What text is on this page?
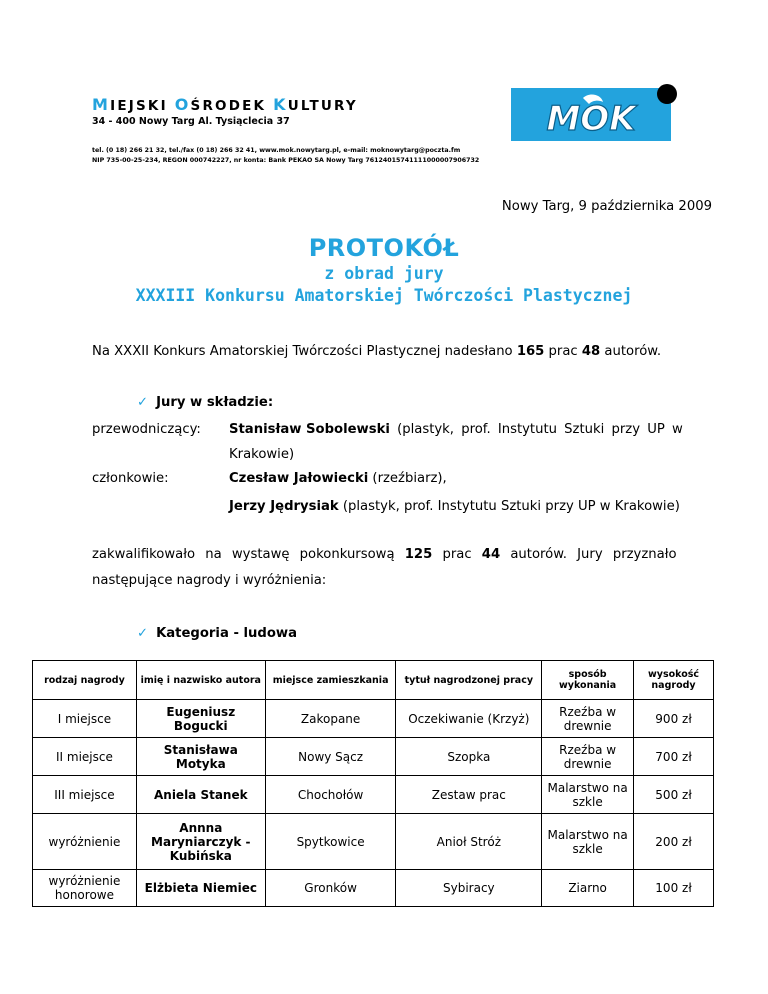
MIEJSKI OŚRODEK KULTURY
34 - 400 Nowy Targ Al. Tysiąclecia 37
tel. (0 18) 266 21 32, tel./fax (0 18) 266 32 41, www.mok.nowytarg.pl, e-mail: moknowytarg@poczta.fm
NIP 735-00-25-234, REGON 000742227, nr konta: Bank PEKAO SA Nowy Targ 76124015741111000007906732
MOK
Nowy Targ, 9 października 2009
PROTOKÓŁ
z obrad jury
XXXIII Konkursu Amatorskiej Twórczości Plastycznej
Na XXXII Konkurs Amatorskiej Twórczości Plastycznej nadesłano 165 prac 48 autorów.
✓ Jury w składzie:
przewodniczący: Stanisław Sobolewski (plastyk, prof. Instytutu Sztuki przy UP w
Krakowie)
członkowie:	Czesław Jałowiecki (rzeźbiarz),
Jerzy Jędrysiak (plastyk, prof. Instytutu Sztuki przy UP w Krakowie)
zakwalifikowało na wystawę pokonkursową 125 prac 44 autorów. Jury przyznało
następujące nagrody i wyróżnienia:
✓ Kategoria - ludowa
rodzaj nagrody	imię i nazwisko autora	miejsce zamieszkania	tytuł nagrodzonej pracy	sposób wykonania	wysokość nagrody
I miejsce	Eugeniusz Bogucki	Zakopane	Oczekiwanie (Krzyż)	Rzeźba w drewnie	900 zł
II miejsce	Stanisława Motyka	Nowy Sącz	Szopka	Rzeźba w drewnie	700 zł
III miejsce	Aniela Stanek	Chochołów	Zestaw prac	Malarstwo na szkle	500 zł
wyróżnienie	Annna Maryniarczyk - Kubińska	Spytkowice	Anioł Stróż	Malarstwo na szkle	200 zł
wyróżnienie honorowe	Elżbieta Niemiec	Gronków	Sybiracy	Ziarno	100 zł
